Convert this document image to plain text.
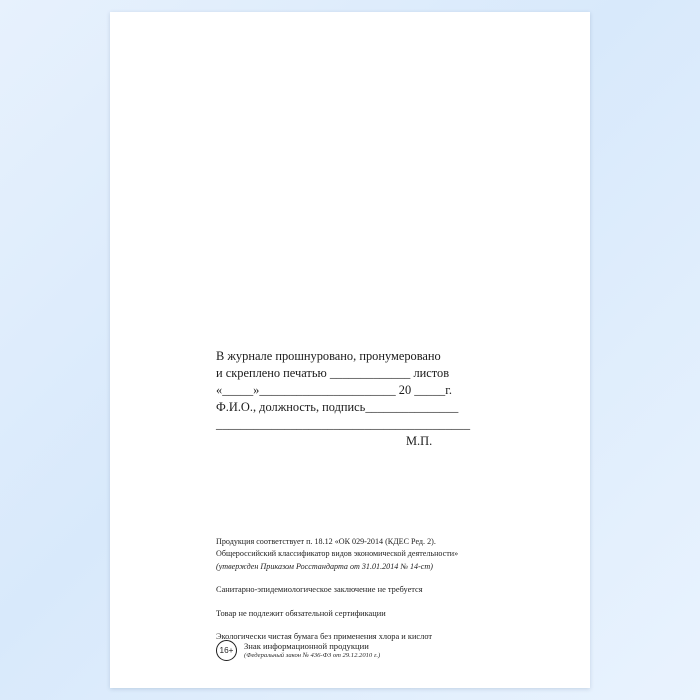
В журнале прошнуровано, пронумеровано
и скреплено печатью _____________ листов
«_____»______________________ 20 _____г.
Ф.И.О., должность, подпись_______________
_________________________________________
М.П.
Продукция соответствует п. 18.12 «ОК 029-2014 (КДЕС Ред. 2).
Общероссийский классификатор видов экономической деятельности»
(утвержден Приказом Росстандарта от 31.01.2014 № 14-ст)
Санитарно-эпидемиологическое заключение не требуется
Товар не подлежит обязательной сертификации
Экологически чистая бумага без применения хлора и кислот
16+	Знак информационной продукции
(Федеральный закон № 436-ФЗ от 29.12.2010 г.)
